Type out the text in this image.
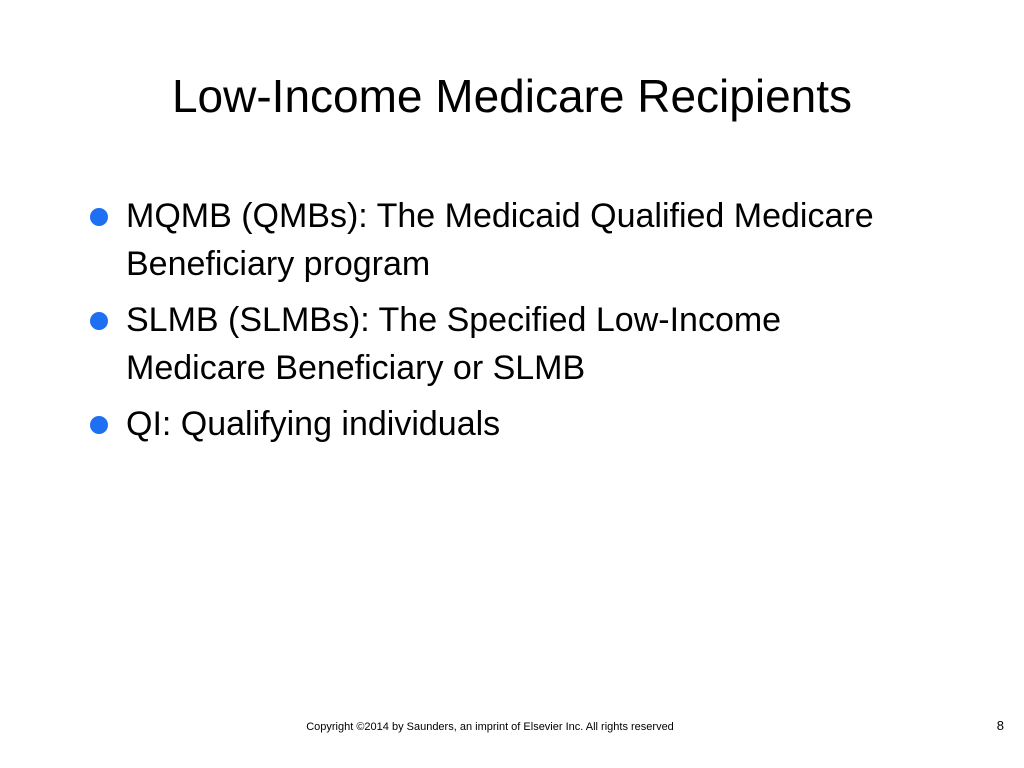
Low-Income Medicare Recipients
MQMB (QMBs): The Medicaid Qualified Medicare Beneficiary program
SLMB (SLMBs): The Specified Low-Income Medicare Beneficiary or SLMB
QI: Qualifying individuals
Copyright ©2014 by Saunders, an imprint of Elsevier Inc. All rights reserved	8
